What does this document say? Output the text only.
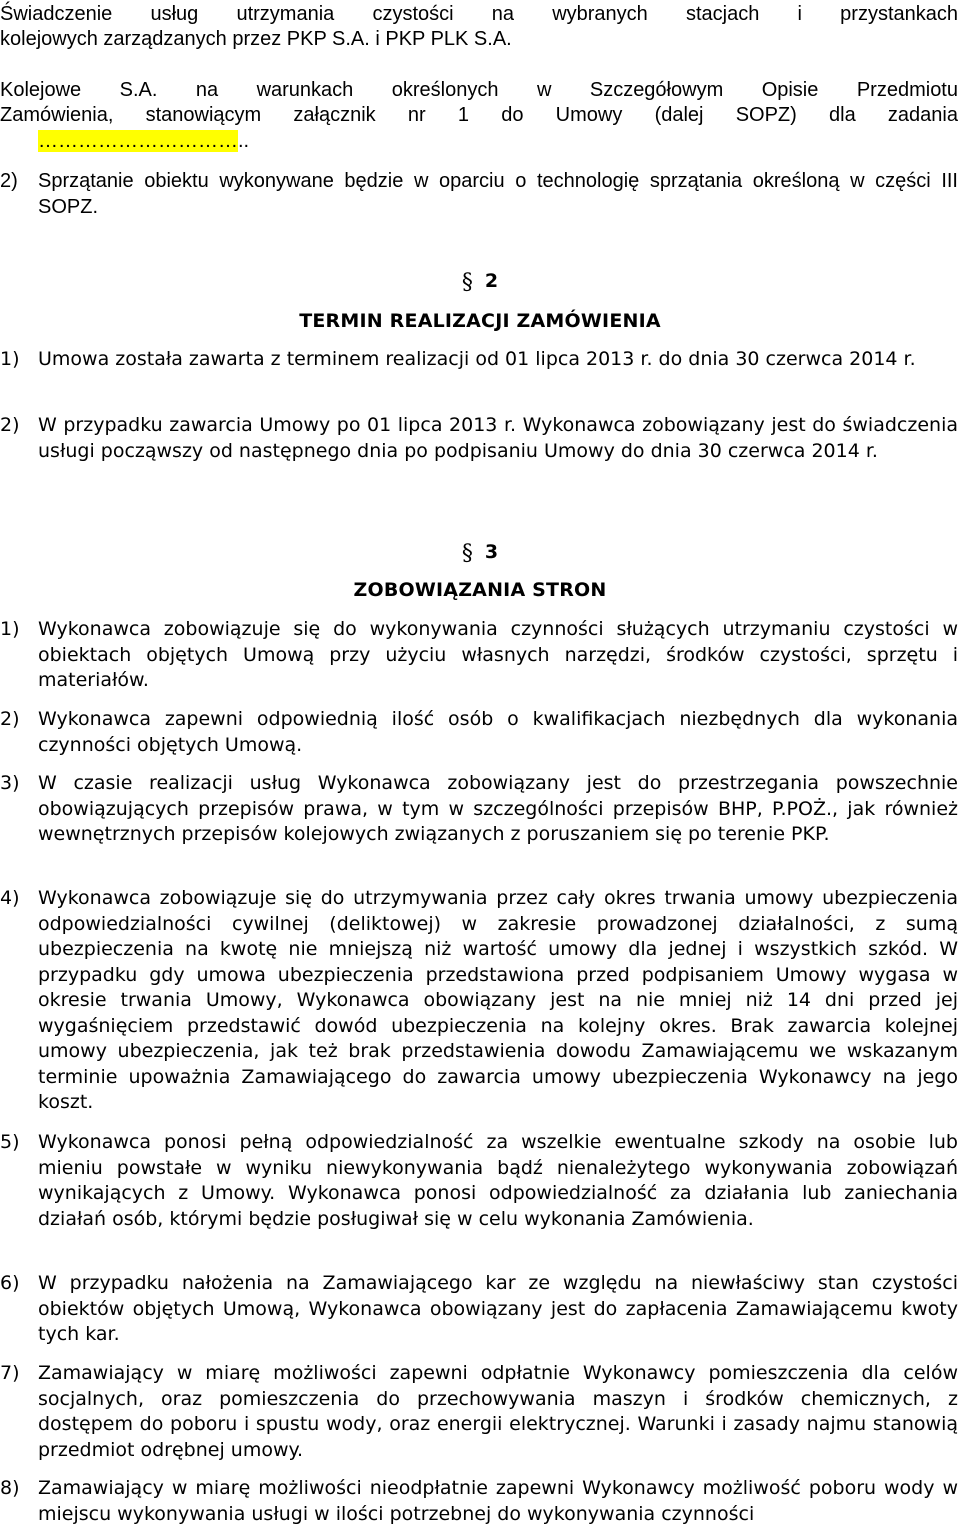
Świadczenie usług utrzymania czystości na wybranych stacjach i przystankach
kolejowych zarządzanych przez PKP S.A. i PKP PLK S.A.
Kolejowe S.A. na warunkach określonych w Szczegółowym Opisie Przedmiotu
Zamówienia, stanowiącym załącznik nr 1 do Umowy (dalej SOPZ) dla zadania
…………………………..
2)	Sprzątanie obiektu wykonywane będzie w oparciu o technologię sprzątania określoną w części III SOPZ.
§ 2
TERMIN REALIZACJI ZAMÓWIENIA
1) Umowa została zawarta z terminem realizacji od 01 lipca 2013 r. do dnia 30 czerwca 2014 r.
2) W przypadku zawarcia Umowy po 01 lipca 2013 r. Wykonawca zobowiązany jest do świadczenia usługi począwszy od następnego dnia po podpisaniu Umowy do dnia 30 czerwca 2014 r.
§ 3
ZOBOWIĄZANIA STRON
1) Wykonawca zobowiązuje się do wykonywania czynności służących utrzymaniu czystości w obiektach objętych Umową przy użyciu własnych narzędzi, środków czystości, sprzętu i materiałów.
2) Wykonawca zapewni odpowiednią ilość osób o kwalifikacjach niezbędnych dla wykonania czynności objętych Umową.
3) W czasie realizacji usług Wykonawca zobowiązany jest do przestrzegania powszechnie obowiązujących przepisów prawa, w tym w szczególności przepisów BHP, P.POŻ., jak również wewnętrznych przepisów kolejowych związanych z poruszaniem się po terenie PKP.
4) Wykonawca zobowiązuje się do utrzymywania przez cały okres trwania umowy ubezpieczenia odpowiedzialności cywilnej (deliktowej) w zakresie prowadzonej działalności, z sumą ubezpieczenia na kwotę nie mniejszą niż wartość umowy dla jednej i wszystkich szkód. W przypadku gdy umowa ubezpieczenia przedstawiona przed podpisaniem Umowy wygasa w okresie trwania Umowy, Wykonawca obowiązany jest na nie mniej niż 14 dni przed jej wygaśnięciem przedstawić dowód ubezpieczenia na kolejny okres. Brak zawarcia kolejnej umowy ubezpieczenia, jak też brak przedstawienia dowodu Zamawiającemu we wskazanym terminie upoważnia Zamawiającego do zawarcia umowy ubezpieczenia Wykonawcy na jego koszt.
5) Wykonawca ponosi pełną odpowiedzialność za wszelkie ewentualne szkody na osobie lub mieniu powstałe w wyniku niewykonywania bądź nienależytego wykonywania zobowiązań wynikających z Umowy. Wykonawca ponosi odpowiedzialność za działania lub zaniechania działań osób, którymi będzie posługiwał się w celu wykonania Zamówienia.
6) W przypadku nałożenia na Zamawiającego kar ze względu na niewłaściwy stan czystości obiektów objętych Umową, Wykonawca obowiązany jest do zapłacenia Zamawiającemu kwoty tych kar.
7) Zamawiający w miarę możliwości zapewni odpłatnie Wykonawcy pomieszczenia dla celów socjalnych, oraz pomieszczenia do przechowywania maszyn i środków chemicznych, z dostępem do poboru i spustu wody, oraz energii elektrycznej. Warunki i zasady najmu stanowią przedmiot odrębnej umowy.
8) Zamawiający w miarę możliwości nieodpłatnie zapewni Wykonawcy możliwość poboru wody w miejscu wykonywania usługi w ilości potrzebnej do wykonywania czynności
